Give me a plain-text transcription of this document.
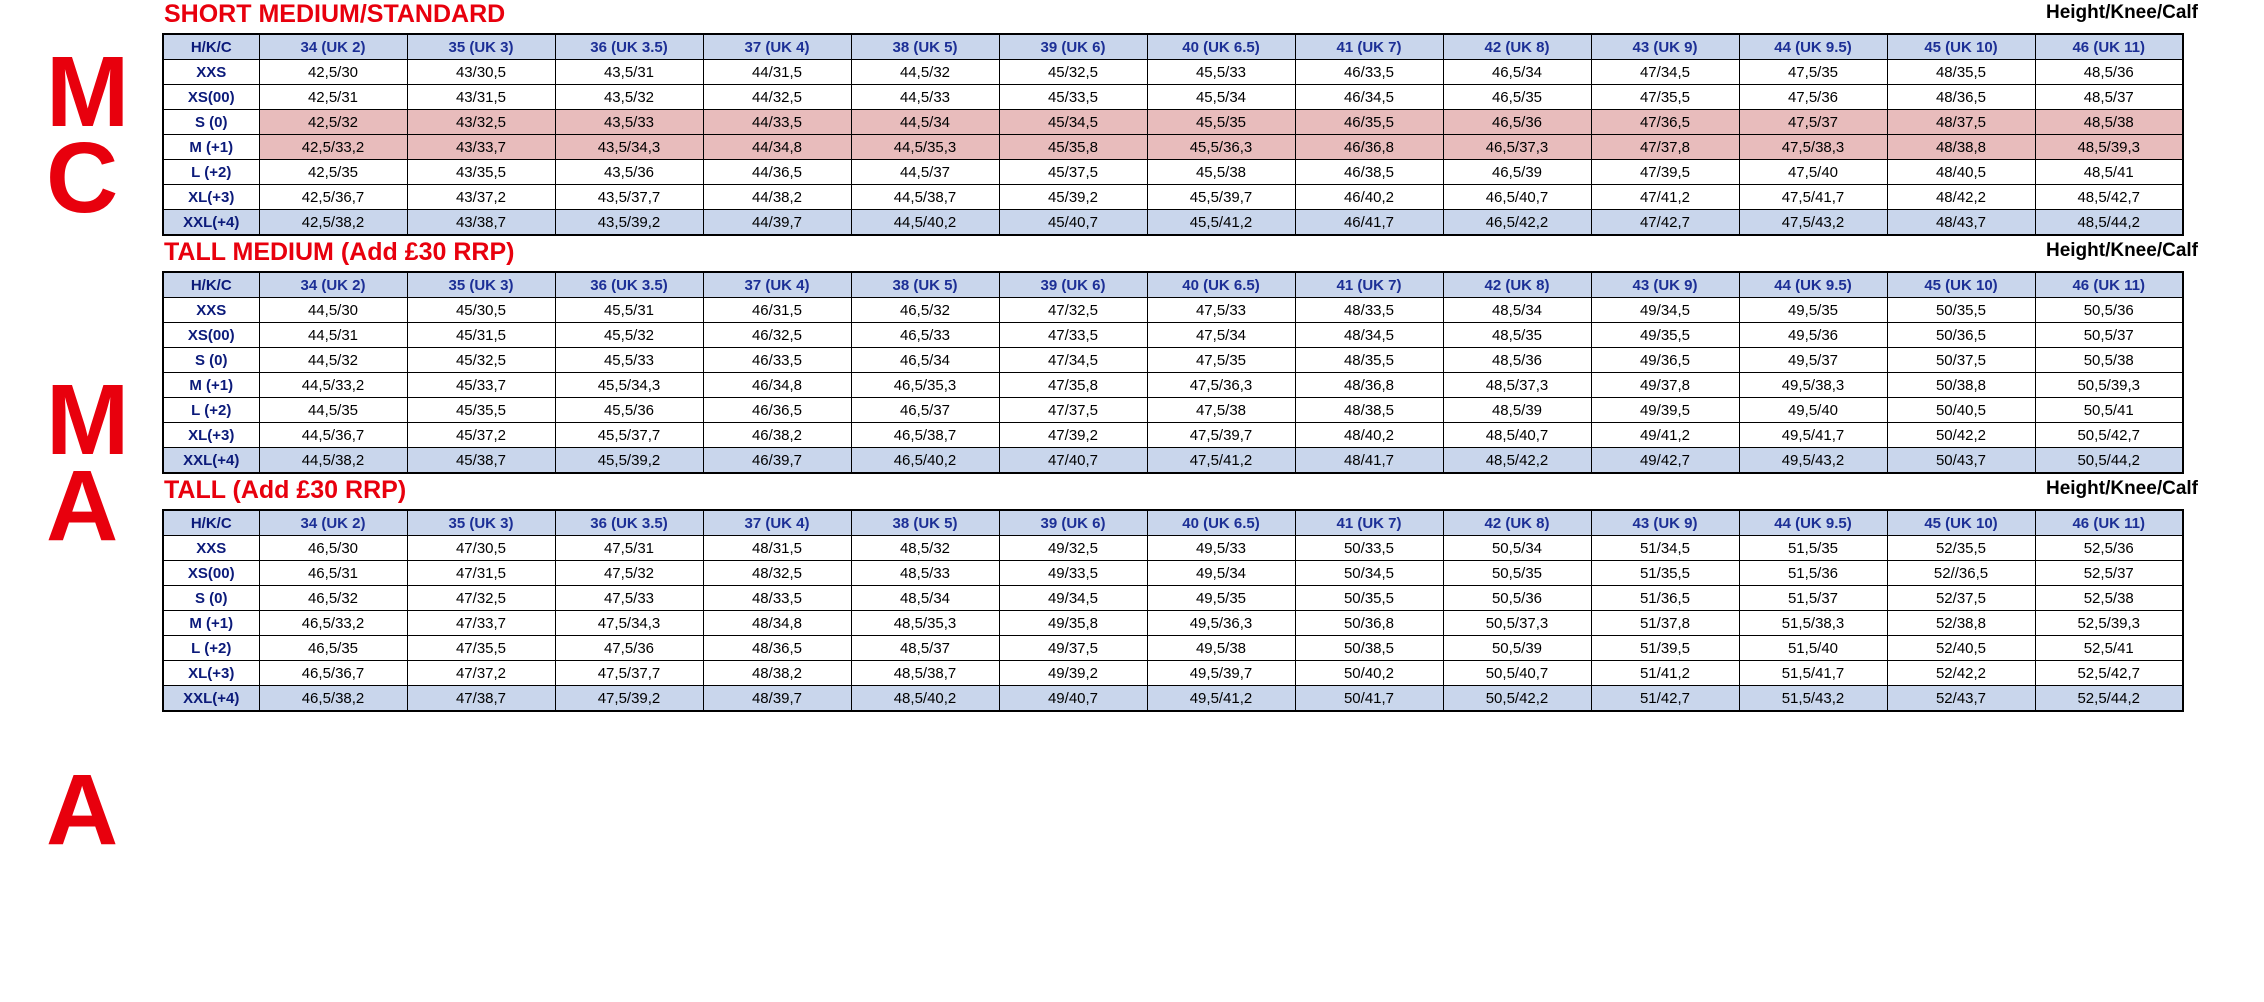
M
C
M
A
A
SHORT MEDIUM/STANDARD	Height/Knee/Calf
H/K/C	34 (UK 2)	35 (UK 3)	36 (UK 3.5)	37 (UK 4)	38 (UK 5)	39 (UK 6)	40 (UK 6.5)	41 (UK 7)	42 (UK 8)	43 (UK 9)	44 (UK 9.5)	45 (UK 10)	46 (UK 11)
XXS	42,5/30	43/30,5	43,5/31	44/31,5	44,5/32	45/32,5	45,5/33	46/33,5	46,5/34	47/34,5	47,5/35	48/35,5	48,5/36
XS(00)	42,5/31	43/31,5	43,5/32	44/32,5	44,5/33	45/33,5	45,5/34	46/34,5	46,5/35	47/35,5	47,5/36	48/36,5	48,5/37
S (0)	42,5/32	43/32,5	43,5/33	44/33,5	44,5/34	45/34,5	45,5/35	46/35,5	46,5/36	47/36,5	47,5/37	48/37,5	48,5/38
M (+1)	42,5/33,2	43/33,7	43,5/34,3	44/34,8	44,5/35,3	45/35,8	45,5/36,3	46/36,8	46,5/37,3	47/37,8	47,5/38,3	48/38,8	48,5/39,3
L (+2)	42,5/35	43/35,5	43,5/36	44/36,5	44,5/37	45/37,5	45,5/38	46/38,5	46,5/39	47/39,5	47,5/40	48/40,5	48,5/41
XL(+3)	42,5/36,7	43/37,2	43,5/37,7	44/38,2	44,5/38,7	45/39,2	45,5/39,7	46/40,2	46,5/40,7	47/41,2	47,5/41,7	48/42,2	48,5/42,7
XXL(+4)	42,5/38,2	43/38,7	43,5/39,2	44/39,7	44,5/40,2	45/40,7	45,5/41,2	46/41,7	46,5/42,2	47/42,7	47,5/43,2	48/43,7	48,5/44,2
TALL MEDIUM (Add £30 RRP)	Height/Knee/Calf
H/K/C	34 (UK 2)	35 (UK 3)	36 (UK 3.5)	37 (UK 4)	38 (UK 5)	39 (UK 6)	40 (UK 6.5)	41 (UK 7)	42 (UK 8)	43 (UK 9)	44 (UK 9.5)	45 (UK 10)	46 (UK 11)
XXS	44,5/30	45/30,5	45,5/31	46/31,5	46,5/32	47/32,5	47,5/33	48/33,5	48,5/34	49/34,5	49,5/35	50/35,5	50,5/36
XS(00)	44,5/31	45/31,5	45,5/32	46/32,5	46,5/33	47/33,5	47,5/34	48/34,5	48,5/35	49/35,5	49,5/36	50/36,5	50,5/37
S (0)	44,5/32	45/32,5	45,5/33	46/33,5	46,5/34	47/34,5	47,5/35	48/35,5	48,5/36	49/36,5	49,5/37	50/37,5	50,5/38
M (+1)	44,5/33,2	45/33,7	45,5/34,3	46/34,8	46,5/35,3	47/35,8	47,5/36,3	48/36,8	48,5/37,3	49/37,8	49,5/38,3	50/38,8	50,5/39,3
L (+2)	44,5/35	45/35,5	45,5/36	46/36,5	46,5/37	47/37,5	47,5/38	48/38,5	48,5/39	49/39,5	49,5/40	50/40,5	50,5/41
XL(+3)	44,5/36,7	45/37,2	45,5/37,7	46/38,2	46,5/38,7	47/39,2	47,5/39,7	48/40,2	48,5/40,7	49/41,2	49,5/41,7	50/42,2	50,5/42,7
XXL(+4)	44,5/38,2	45/38,7	45,5/39,2	46/39,7	46,5/40,2	47/40,7	47,5/41,2	48/41,7	48,5/42,2	49/42,7	49,5/43,2	50/43,7	50,5/44,2
TALL (Add £30 RRP)	Height/Knee/Calf
H/K/C	34 (UK 2)	35 (UK 3)	36 (UK 3.5)	37 (UK 4)	38 (UK 5)	39 (UK 6)	40 (UK 6.5)	41 (UK 7)	42 (UK 8)	43 (UK 9)	44 (UK 9.5)	45 (UK 10)	46 (UK 11)
XXS	46,5/30	47/30,5	47,5/31	48/31,5	48,5/32	49/32,5	49,5/33	50/33,5	50,5/34	51/34,5	51,5/35	52/35,5	52,5/36
XS(00)	46,5/31	47/31,5	47,5/32	48/32,5	48,5/33	49/33,5	49,5/34	50/34,5	50,5/35	51/35,5	51,5/36	52//36,5	52,5/37
S (0)	46,5/32	47/32,5	47,5/33	48/33,5	48,5/34	49/34,5	49,5/35	50/35,5	50,5/36	51/36,5	51,5/37	52/37,5	52,5/38
M (+1)	46,5/33,2	47/33,7	47,5/34,3	48/34,8	48,5/35,3	49/35,8	49,5/36,3	50/36,8	50,5/37,3	51/37,8	51,5/38,3	52/38,8	52,5/39,3
L (+2)	46,5/35	47/35,5	47,5/36	48/36,5	48,5/37	49/37,5	49,5/38	50/38,5	50,5/39	51/39,5	51,5/40	52/40,5	52,5/41
XL(+3)	46,5/36,7	47/37,2	47,5/37,7	48/38,2	48,5/38,7	49/39,2	49,5/39,7	50/40,2	50,5/40,7	51/41,2	51,5/41,7	52/42,2	52,5/42,7
XXL(+4)	46,5/38,2	47/38,7	47,5/39,2	48/39,7	48,5/40,2	49/40,7	49,5/41,2	50/41,7	50,5/42,2	51/42,7	51,5/43,2	52/43,7	52,5/44,2
